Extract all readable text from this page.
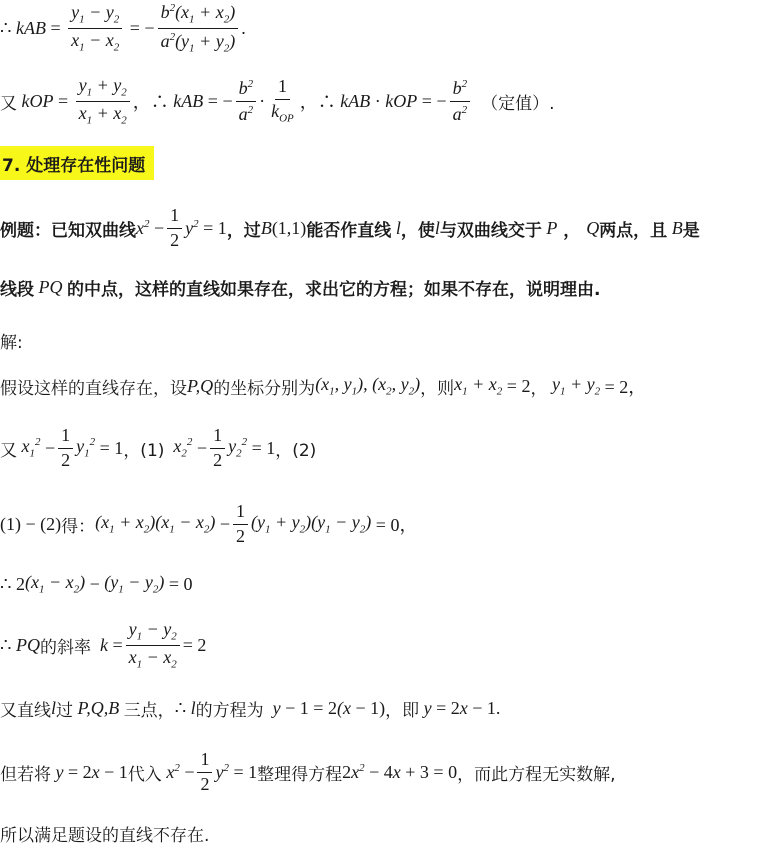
∴ k AB = $\frac{y_1 - y_2}{x_1 - x_2}$ = − $\frac{b^2(x_1 + x_2)}{a^2(y_1 + y_2)}$ .
又 k OP = $\frac{y_1 + y_2}{x_1 + x_2}$ ，∴ k AB = − $\frac{b^2}{a^2} \cdot \frac{1}{k_{OP}}$ ，∴ k AB · k OP = − $\frac{b^2}{a^2}$ （定值）.
7. 处理存在性问题
例题：已知双曲线 $x^2 - \frac{1}{2} y^2 = 1$ ，过 B (1,1) 能否作直线 l ，使 l 与双曲线交于 P ， Q 两点，且 B 是
线段 PQ 的中点，这样的直线如果存在，求出它的方程；如果不存在，说明理由.
解:
假设这样的直线存在，设 P,Q 的坐标分别为 ($x_1$, $y_1$), ($x_2$, $y_2$) ，则 $x_1 + x_2 = 2$ ， $y_1 + y_2 = 2$，
又 $x_1^2 - \frac{1}{2} y_1^2 = 1$ ，(1) $x_2^2 - \frac{1}{2} y_2^2 = 1$ ，(2)
(1) − (2) 得： $(x_1 + x_2)(x_1 - x_2) - \frac{1}{2} (y_1 + y_2)(y_1 - y_2) = 0$，
∴ 2 $(x_1 - x_2) - (y_1 - y_2) = 0$
∴ PQ 的斜率 $k = \frac{y_1 - y_2}{x_1 - x_2} = 2$
又直线 l 过 P,Q,B 三点， ∴ l 的方程为 y − 1 = 2 (x − 1) ，即 y = 2 x − 1.
但若将 y = 2 x − 1 代入 $x^2 - \frac{1}{2} y^2 = 1$ 整理得方程 2 $x^2 - 4$ x + 3 = 0 ，而此方程无实数解,
所以满足题设的直线不存在.
